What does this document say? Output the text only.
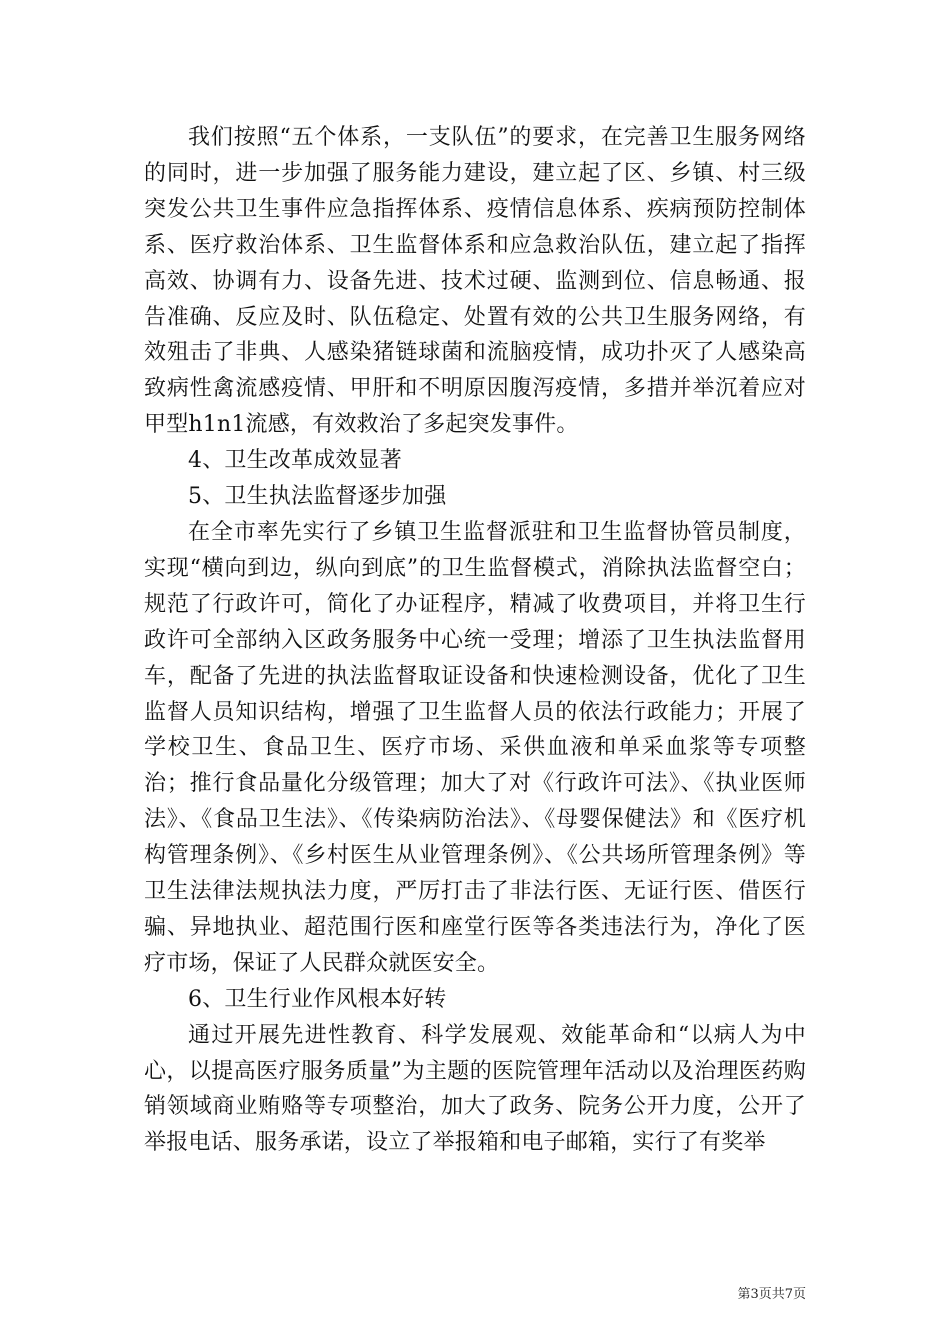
我们按照“五个体系，一支队伍”的要求，在完善卫生服务网络的同时，进一步加强了服务能力建设，建立起了区、乡镇、村三级突发公共卫生事件应急指挥体系、疫情信息体系、疾病预防控制体系、医疗救治体系、卫生监督体系和应急救治队伍，建立起了指挥高效、协调有力、设备先进、技术过硬、监测到位、信息畅通、报告准确、反应及时、队伍稳定、处置有效的公共卫生服务网络，有效殂击了非典、人感染猪链球菌和流脑疫情，成功扑灭了人感染高致病性禽流感疫情、甲肝和不明原因腹泻疫情，多措并举沉着应对甲型h1n1流感，有效救治了多起突发事件。

4、卫生改革成效显著

5、卫生执法监督逐步加强

在全市率先实行了乡镇卫生监督派驻和卫生监督协管员制度，实现“横向到边，纵向到底”的卫生监督模式，消除执法监督空白；规范了行政许可，简化了办证程序，精减了收费项目，并将卫生行政许可全部纳入区政务服务中心统一受理；增添了卫生执法监督用车，配备了先进的执法监督取证设备和快速检测设备，优化了卫生监督人员知识结构，增强了卫生监督人员的依法行政能力；开展了学校卫生、食品卫生、医疗市场、采供血液和单采血浆等专项整治；推行食品量化分级管理；加大了对《行政许可法》、《执业医师法》、《食品卫生法》、《传染病防治法》、《母婴保健法》和《医疗机构管理条例》、《乡村医生从业管理条例》、《公共场所管理条例》等卫生法律法规执法力度，严厉打击了非法行医、无证行医、借医行骗、异地执业、超范围行医和座堂行医等各类违法行为，净化了医疗市场，保证了人民群众就医安全。

6、卫生行业作风根本好转

通过开展先进性教育、科学发展观、效能革命和“以病人为中心，以提高医疗服务质量”为主题的医院管理年活动以及治理医药购销领域商业贿赂等专项整治，加大了政务、院务公开力度，公开了举报电话、服务承诺，设立了举报箱和电子邮箱，实行了有奖举

第3页共7页
